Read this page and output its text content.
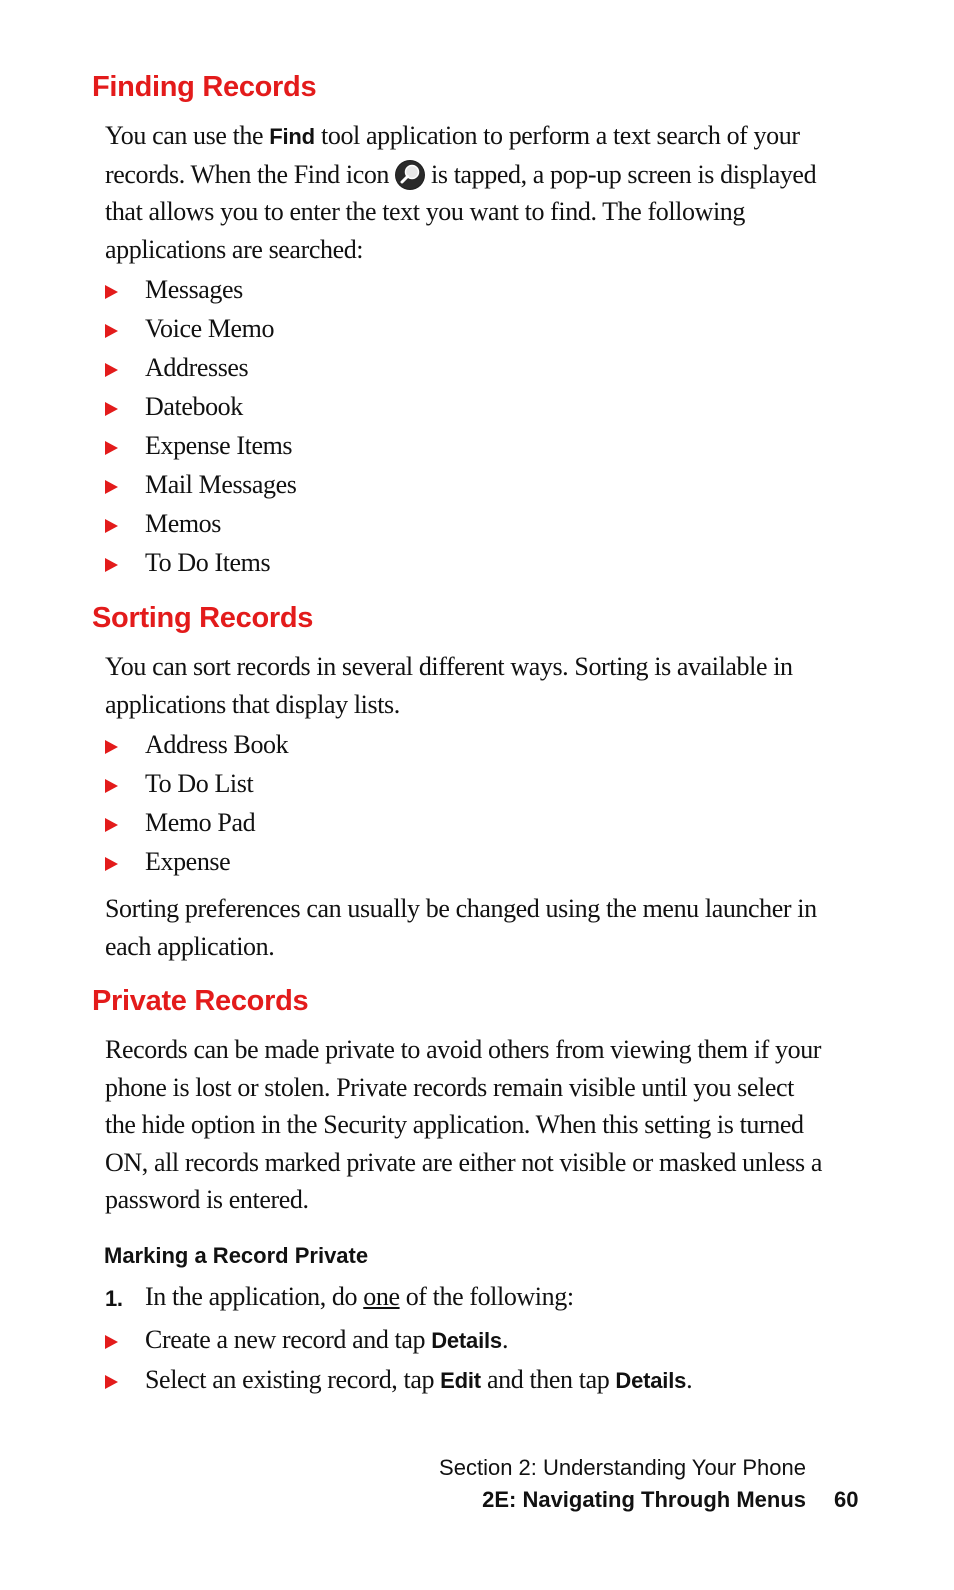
Finding Records

You can use the Find tool application to perform a text search of your records. When the Find icon is tapped, a pop-up screen is displayed that allows you to enter the text you want to find. The following applications are searched:

Messages
Voice Memo
Addresses
Datebook
Expense Items
Mail Messages
Memos
To Do Items
Sorting Records

You can sort records in several different ways. Sorting is available in applications that display lists.

Address Book
To Do List
Memo Pad
Expense

Sorting preferences can usually be changed using the menu launcher in each application.

Private Records

Records can be made private to avoid others from viewing them if your phone is lost or stolen. Private records remain visible until you select the hide option in the Security application. When this setting is turned ON, all records marked private are either not visible or masked unless a password is entered.

Marking a Record Private
1. In the application, do one of the following:
Create a new record and tap Details.
Select an existing record, tap Edit and then tap Details.
Section 2: Understanding Your Phone
2E: Navigating Through Menus 60
